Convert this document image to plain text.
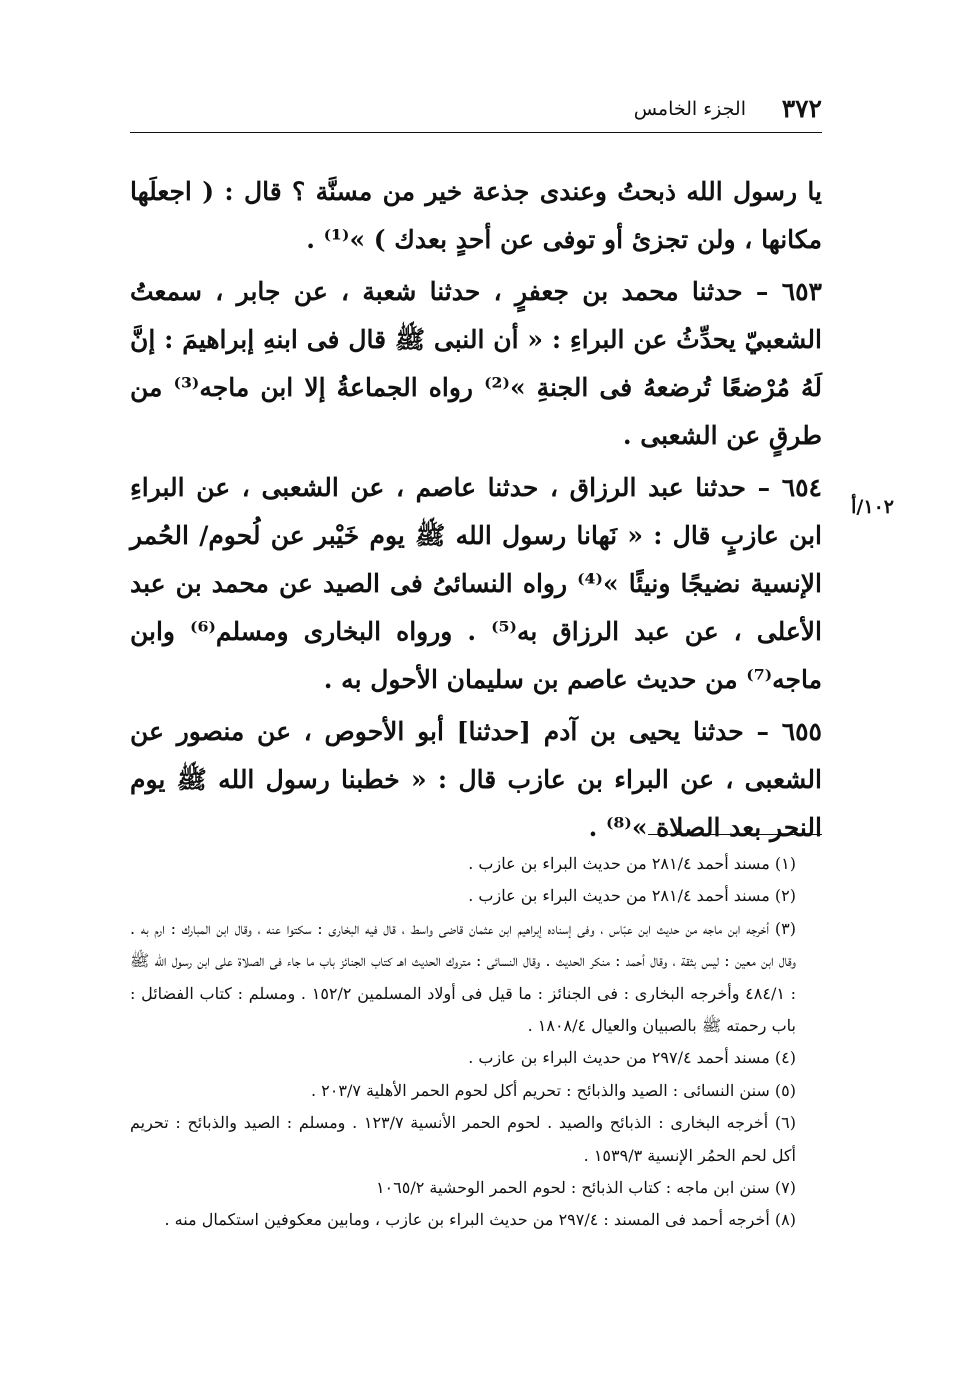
٣٧٢
الجزء الخامس
١٠٢/أ

يا رسول الله ذبحتُ وعندى جذعة خير من مسنَّة ؟ قال : ( اجعلَها مكانها ، ولن تجزئ أو توفى عن أحدٍ بعدك ) »⁽¹⁾ .

٦٥٣ – حدثنا محمد بن جعفرٍ ، حدثنا شعبة ، عن جابر ، سمعتُ الشعبيّ يحدِّثُ عن البراءِ : « أن النبى ﷺ قال فى ابنهِ إبراهيمَ : إنَّ لَهُ مُرْضعًا تُرضعهُ فى الجنةِ »⁽²⁾ رواه الجماعةُ إلا ابن ماجه⁽³⁾ من طرقٍ عن الشعبى .

٦٥٤ – حدثنا عبد الرزاق ، حدثنا عاصم ، عن الشعبى ، عن البراءِ ابن عازبٍ قال : « نَهانا رسول الله ﷺ يوم خَيْبر عن لُحوم/ الحُمر الإنسية نضيجًا ونيئًا »⁽⁴⁾ رواه النسائىُ فى الصيد عن محمد بن عبد الأعلى ، عن عبد الرزاق به⁽⁵⁾ . ورواه البخارى ومسلم⁽⁶⁾ وابن ماجه⁽⁷⁾ من حديث عاصم بن سليمان الأحول به .

٦٥٥ – حدثنا يحيى بن آدم [حدثنا] أبو الأحوص ، عن منصور عن الشعبى ، عن البراء بن عازب قال : « خطبنا رسول الله ﷺ يوم النحر بعد الصلاة »⁽⁸⁾ .

(١) مسند أحمد ٢٨١/٤ من حديث البراء بن عازب .

(٢) مسند أحمد ٢٨١/٤ من حديث البراء بن عازب .

(٣) أخرجه ابن ماجه من حديث ابن عبّاس ، وفى إسناده إبراهيم ابن عثمان قاضى واسط ، قال فيه البخارى : سكتوا عنه ، وقال ابن المبارك : ارم به . وقال ابن معين : ليس بثقة ، وقال أحمد : منكر الحديث . وقال النسائى : متروك الحديث اهـ كتاب الجنائز باب ما جاء فى الصلاة على ابن رسول الله ﷺ : ٤٨٤/١ وأخرجه البخارى : فى الجنائز : ما قيل فى أولاد المسلمين ١٥٢/٢ . ومسلم : كتاب الفضائل : باب رحمته ﷺ بالصبيان والعيال ١٨٠٨/٤ .

(٤) مسند أحمد ٢٩٧/٤ من حديث البراء بن عازب .

(٥) سنن النسائى : الصيد والذبائح : تحريم أكل لحوم الحمر الأهلية ٢٠٣/٧ .

(٦) أخرجه البخارى : الذبائح والصيد . لحوم الحمر الأنسية ١٢٣/٧ . ومسلم : الصيد والذبائح : تحريم أكل لحم الحمُر الإنسية ١٥٣٩/٣ .

(٧) سنن ابن ماجه : كتاب الذبائح : لحوم الحمر الوحشية ١٠٦٥/٢

(٨) أخرجه أحمد فى المسند : ٢٩٧/٤ من حديث البراء بن عازب ، ومابين معكوفين استكمال منه .
